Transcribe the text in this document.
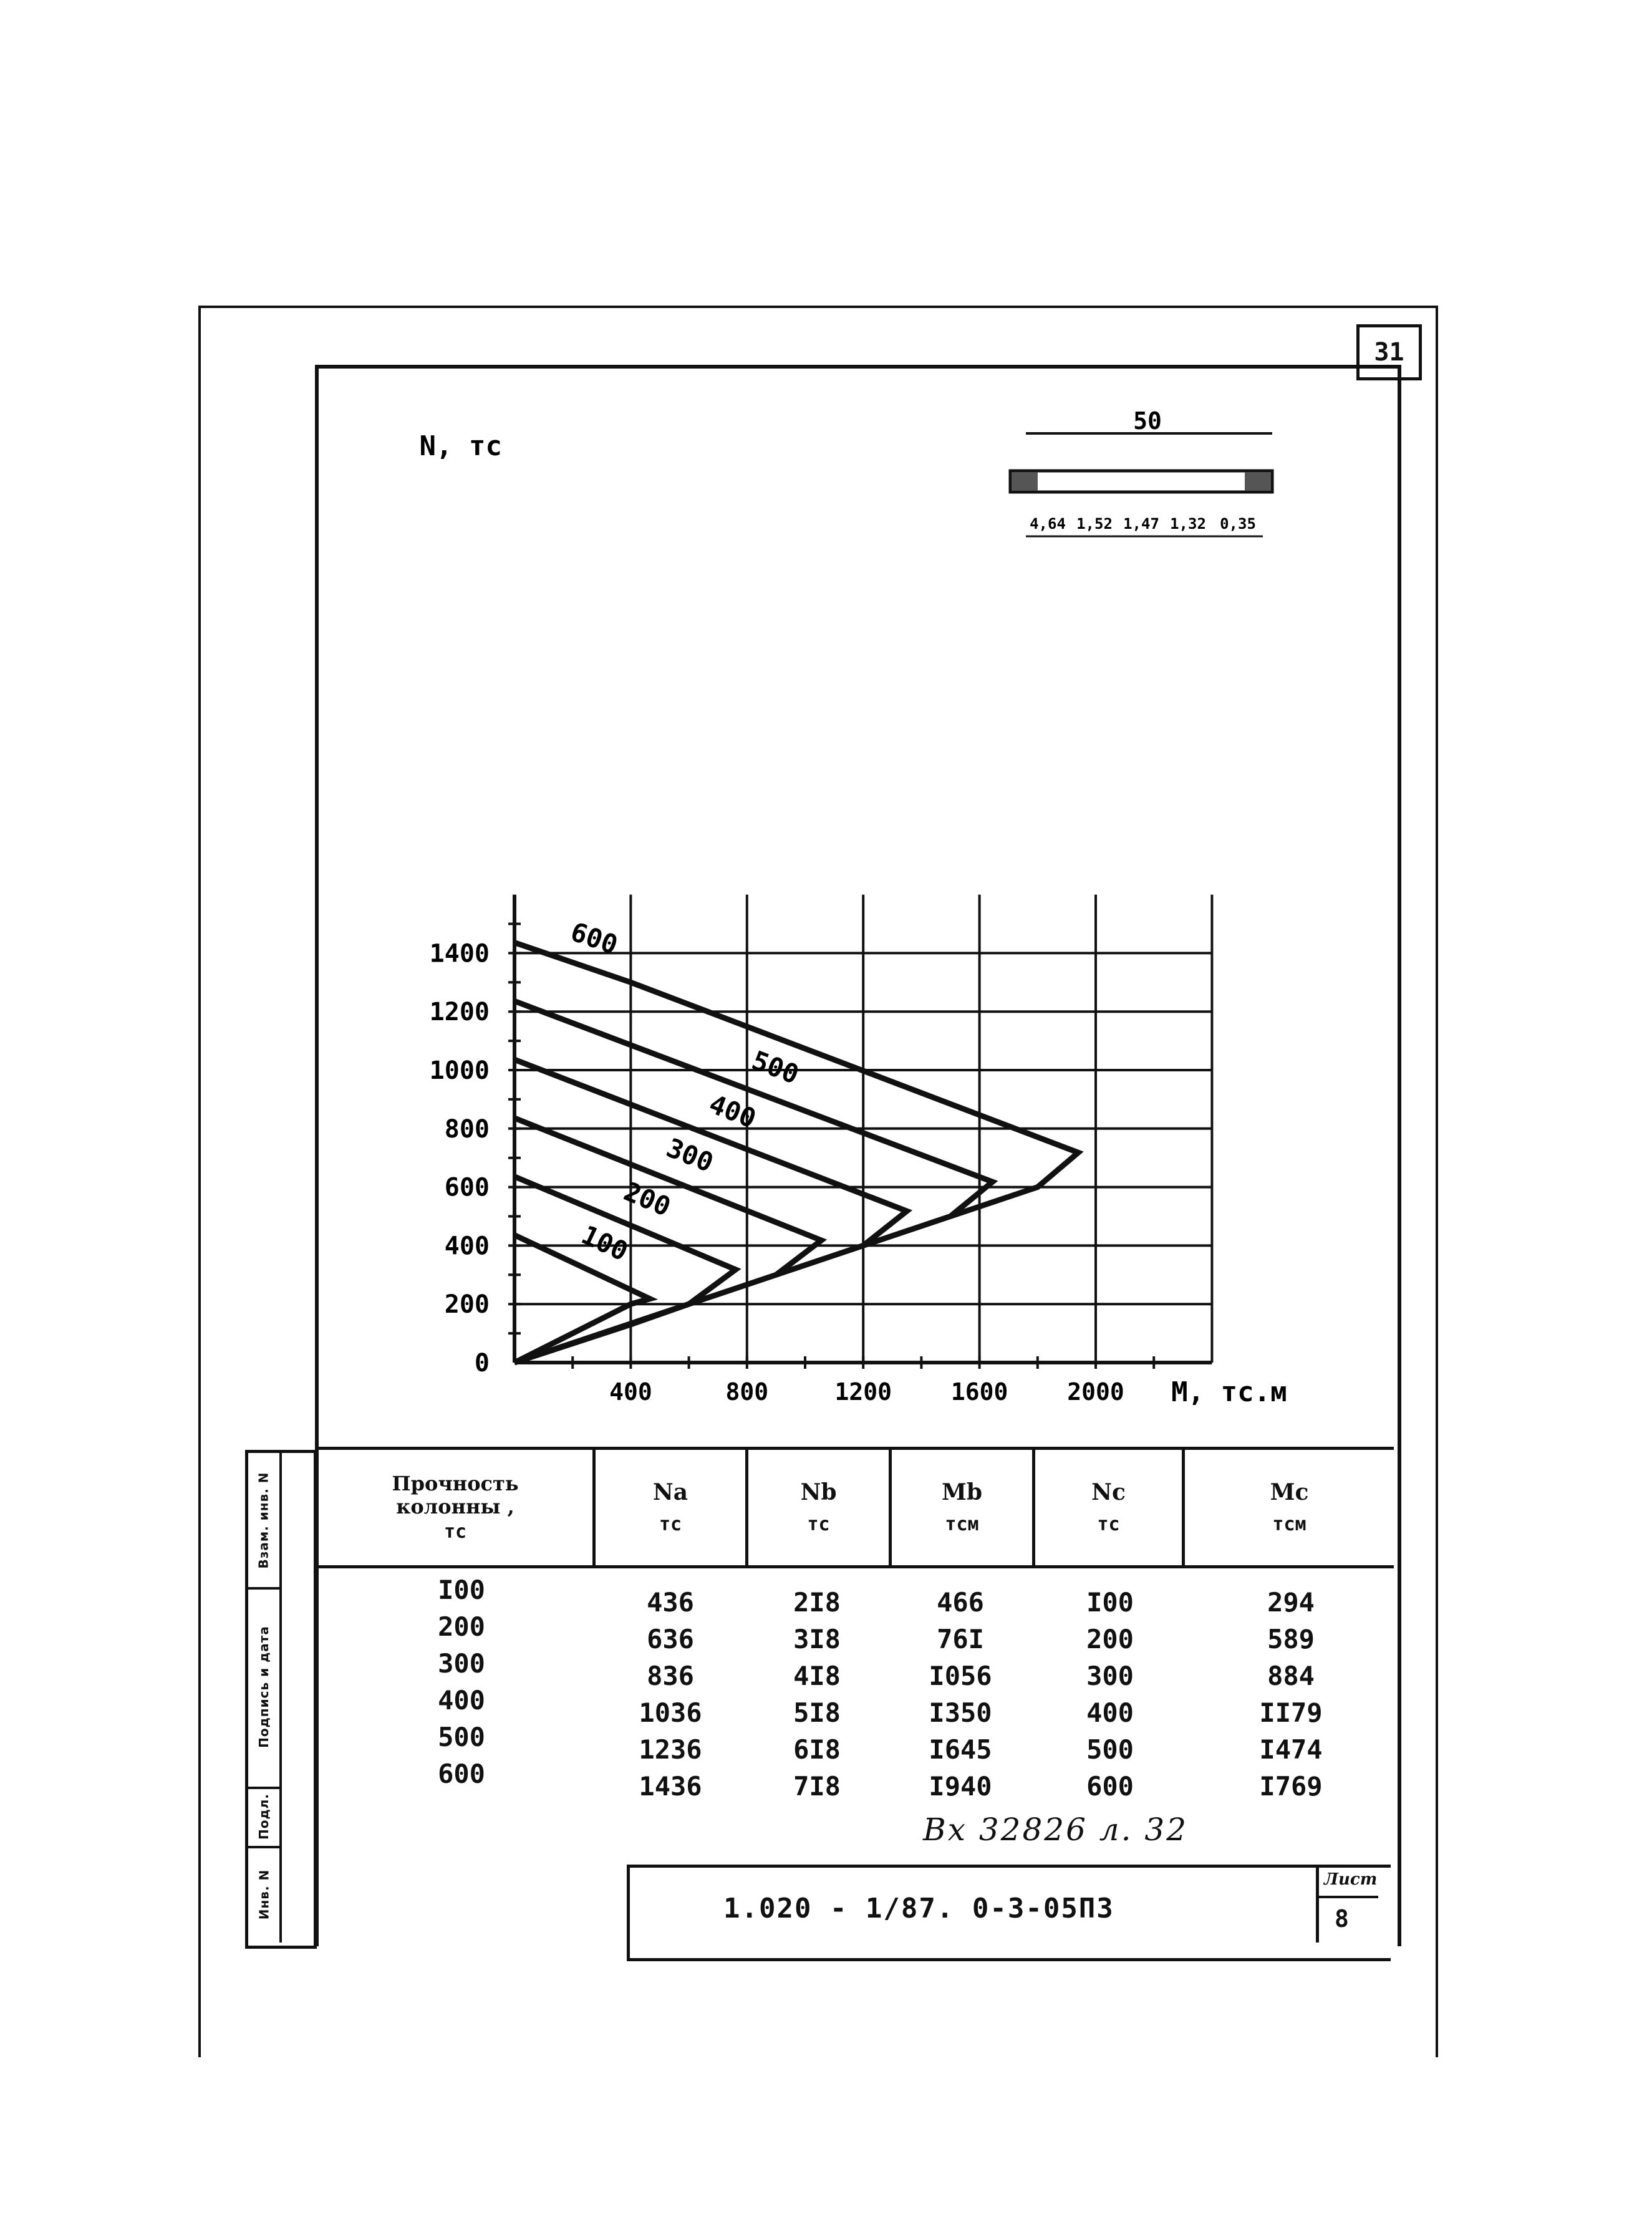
31
100
200
300
400
500
600
1400
1200
1000
800
600
400
200
0
400	800	1200 1600 2000
N, тс
M, тс.м
50
4,64 1,52 1,47 1,32 0,35
Прочность колонны ,
тс
Na
тс
Nb
тс
Mb
тсм
Nc
тс
Mc
тсм
I00
200
300
400
500
600
436
636
836
1036
1236
1436
2I8
3I8
4I8
5I8
6I8
7I8
466
76I
I056
I350
I645
I940
I00
200
300
400
500
600
294
589
884
II79
I474
I769
Взам. инв. N
Подпись и дата
Подл.
Инв. N
Вх 32826 л. 32
1.020 - 1/87. 0-3-05ПЗ
Лист
8
